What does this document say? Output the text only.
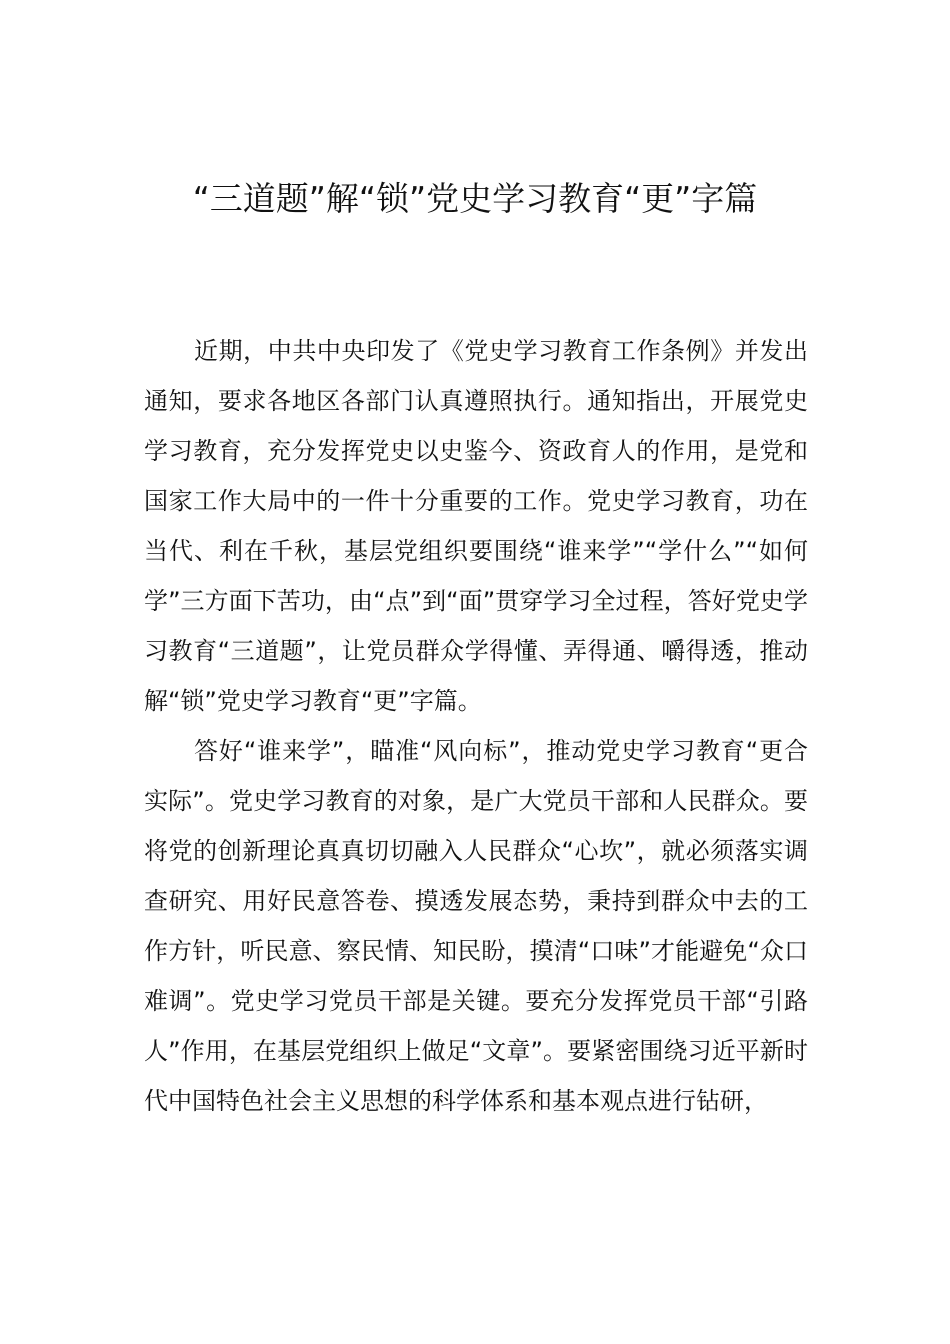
“三道题”解“锁”党史学习教育“更”字篇

近期，中共中央印发了《党史学习教育工作条例》并发出通知，要求各地区各部门认真遵照执行。通知指出，开展党史学习教育，充分发挥党史以史鉴今、资政育人的作用，是党和国家工作大局中的一件十分重要的工作。党史学习教育，功在当代、利在千秋，基层党组织要围绕“谁来学”“学什么”“如何学”三方面下苦功，由“点”到“面”贯穿学习全过程，答好党史学习教育“三道题”，让党员群众学得懂、弄得通、嚼得透，推动解“锁”党史学习教育“更”字篇。

答好“谁来学”，瞄准“风向标”，推动党史学习教育“更合实际”。党史学习教育的对象，是广大党员干部和人民群众。要将党的创新理论真真切切融入人民群众“心坎”，就必须落实调查研究、用好民意答卷、摸透发展态势，秉持到群众中去的工作方针，听民意、察民情、知民盼，摸清“口味”才能避免“众口难调”。党史学习党员干部是关键。要充分发挥党员干部“引路人”作用，在基层党组织上做足“文章”。要紧密围绕习近平新时代中国特色社会主义思想的科学体系和基本观点进行钻研，
